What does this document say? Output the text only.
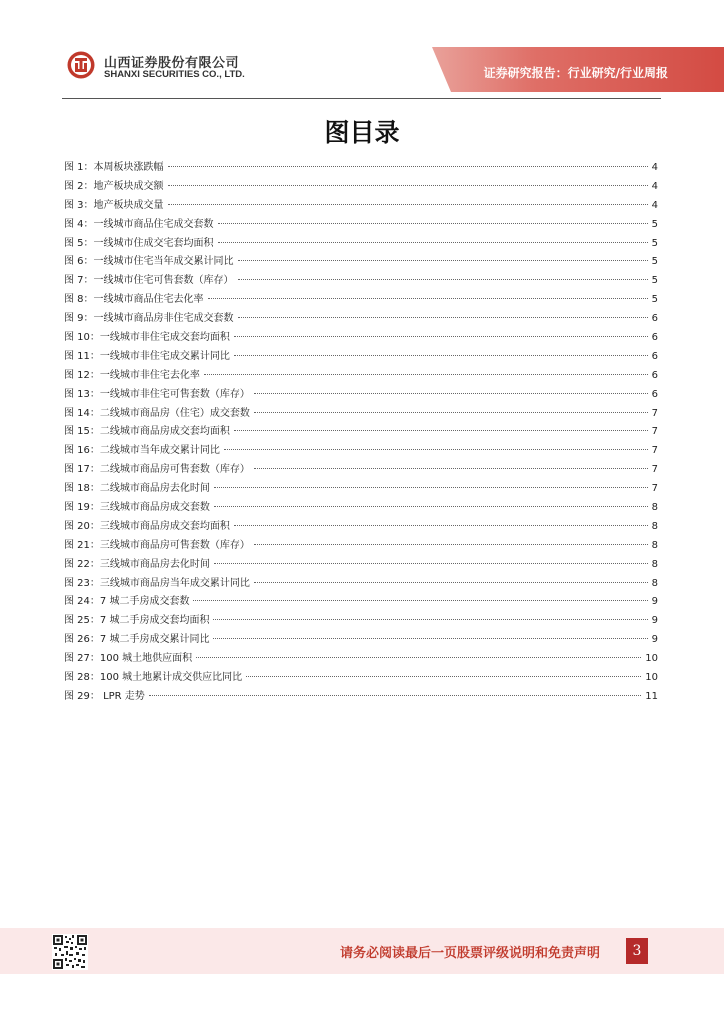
山西证券股份有限公司
SHANXI SECURITIES CO., LTD.	证券研究报告：行业研究/行业周报
图目录
图 1：本周板块涨跌幅	4
图 2：地产板块成交额	4
图 3：地产板块成交量	4
图 4：一线城市商品住宅成交套数	5
图 5：一线城市住成交宅套均面积	5
图 6：一线城市住宅当年成交累计同比	5
图 7：一线城市住宅可售套数（库存）	5
图 8：一线城市商品住宅去化率	5
图 9：一线城市商品房非住宅成交套数	6
图 10：一线城市非住宅成交套均面积	6
图 11：一线城市非住宅成交累计同比	6
图 12：一线城市非住宅去化率	6
图 13：一线城市非住宅可售套数（库存）	6
图 14：二线城市商品房（住宅）成交套数	7
图 15：二线城市商品房成交套均面积	7
图 16：二线城市当年成交累计同比	7
图 17：二线城市商品房可售套数（库存）	7
图 18：二线城市商品房去化时间	7
图 19：三线城市商品房成交套数	8
图 20：三线城市商品房成交套均面积	8
图 21：三线城市商品房可售套数（库存）	8
图 22：三线城市商品房去化时间	8
图 23：三线城市商品房当年成交累计同比	8
图 24：7 城二手房成交套数	9
图 25：7 城二手房成交套均面积	9
图 26：7 城二手房成交累计同比	9
图 27：100 城土地供应面积	10
图 28：100 城土地累计成交供应比同比	10
图 29： LPR 走势	11
请务必阅读最后一页股票评级说明和免责声明	3
